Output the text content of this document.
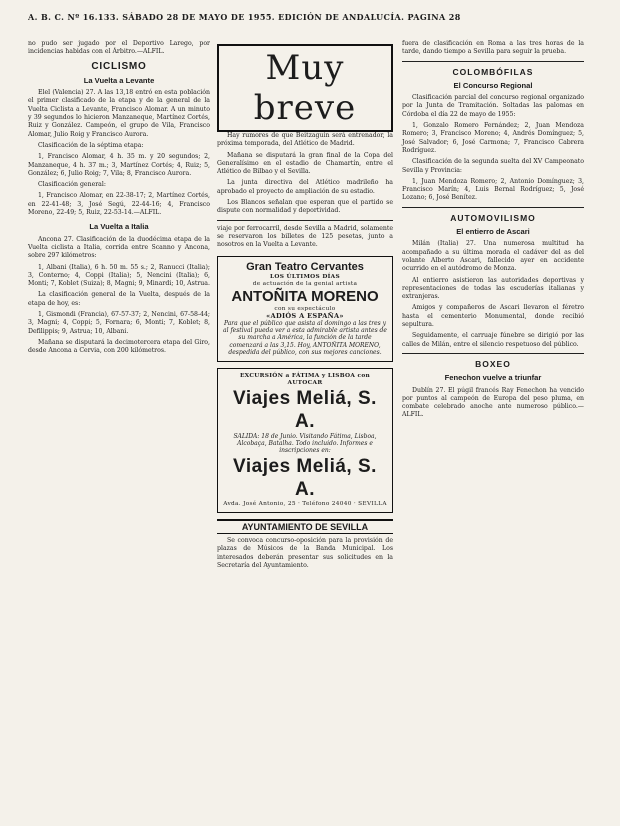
A. B. C. Nº 16.133. SÁBADO 28 DE MAYO DE 1955. EDICIÓN DE ANDALUCÍA. PAGINA 28

no pudo ser jugado por el Deportivo Larego, por incidencias habidas con el Árbitro.—ALFIL.

CICLISMO
La Vuelta a Levante

Elel (Valencia) 27. A las 13,18 entró en esta población el primer clasificado de la etapa y de la general de la Vuelta Ciclista a Levante, Francisco Alomar. A un minuto y 39 segundos lo hicieron Manzaneque, Martínez Cortés, Ruiz y González. Campeón, el grupo de Vila, Francisco Alomar, Julio Roig y Francisco Aurora.

Clasificación de la séptima etapa:

1, Francisco Alomar, 4 h. 35 m. y 20 segundos; 2, Manzaneque, 4 h. 37 m.; 3, Martínez Cortés; 4, Ruiz; 5, González; 6, Julio Roig; 7, Vila; 8, Francisco Aurora.

Clasificación general:

1, Francisco Alomar, en 22-38-17; 2, Martínez Cortés, en 22-41-48; 3, José Segú, 22-44-16; 4, Francisco Moreno, 22-49; 5, Ruiz, 22-53-14.—ALFIL.

La Vuelta a Italia

Ancona 27. Clasificación de la duodécima etapa de la Vuelta ciclista a Italia, corrida entre Scanno y Ancona, sobre 297 kilómetros:

1, Albani (Italia), 6 h. 50 m. 55 s.; 2, Ranucci (Italia); 3, Conterno; 4, Coppi (Italia); 5, Nencini (Italia); 6, Monti; 7, Koblet (Suiza); 8, Magni; 9, Minardi; 10, Astrua.

La clasificación general de la Vuelta, después de la etapa de hoy, es:

1, Gismondi (Francia), 67-57-37; 2, Nencini, 67-58-44; 3, Magni; 4, Coppi; 5, Fornara; 6, Monti; 7, Koblet; 8, Defilippis; 9, Astrua; 10, Albani.

Mañana se disputará la decimotercera etapa del Giro, desde Ancona a Cervia, con 200 kilómetros.

Muy breve

Hay rumores de que Beitzaguin será entrenador, la próxima temporada, del Atlético de Madrid.

Mañana se disputará la gran final de la Copa del Generalísimo en el estadio de Chamartín, entre el Atlético de Bilbao y el Sevilla.

La junta directiva del Atlético madrileño ha aprobado el proyecto de ampliación de su estadio.

Los Blancos señalan que esperan que el partido se dispute con normalidad y deportividad.

viaje por ferrocarril, desde Sevilla a Madrid, solamente se reservaron los billetes de 125 pesetas, junto a nosotros en la Vuelta a Levante.

Gran Teatro Cervantes
LOS ÚLTIMOS DÍAS
de actuación de la genial artista
ANTOÑITA MORENO
con su espectáculo
«ADIÓS A ESPAÑA»
Para que el público que asista al domingo a las tres y al festival pueda ver a esta admirable artista antes de su marcha a América, la función de la tarde comenzará a las 3,15. Hoy, ANTOÑITA MORENO, despedida del público, con sus mejores canciones.
EXCURSIÓN a FÁTIMA y LISBOA con AUTOCAR
Viajes Meliá, S. A.
SALIDA: 18 de Junio. Visitando Fátima, Lisboa, Alcobaça, Batalha. Todo incluido. Informes e inscripciones en:
Viajes Meliá, S. A.
Avda. José Antonio, 25 · Teléfono 24040 · SEVILLA
AYUNTAMIENTO DE SEVILLA

Se convoca concurso-oposición para la provisión de plazas de Músicos de la Banda Municipal. Los interesados deberán presentar sus solicitudes en la Secretaría del Ayuntamiento.

fuera de clasificación en Roma a las tres horas de la tarde, dando tiempo a Sevilla para seguir la prueba.

COLOMBÓFILAS
El Concurso Regional

Clasificación parcial del concurso regional organizado por la Junta de Tramitación. Soltadas las palomas en Córdoba el día 22 de mayo de 1955:

1, Gonzalo Romero Fernández; 2, Juan Mendoza Romero; 3, Francisco Moreno; 4, Andrés Domínguez; 5, José Salvador; 6, José Carmona; 7, Francisco Cabrera Rodríguez.

Clasificación de la segunda suelta del XV Campeonato Sevilla y Provincia:

1, Juan Mendoza Romero; 2, Antonio Domínguez; 3, Francisco Marín; 4, Luis Bernal Rodríguez; 5, José Lozano; 6, José Benítez.

AUTOMOVILISMO
El entierro de Ascari

Milán (Italia) 27. Una numerosa multitud ha acompañado a su última morada el cadáver del as del volante Alberto Ascari, fallecido ayer en accidente ocurrido en el autódromo de Monza.

Al entierro asistieron las autoridades deportivas y representaciones de todas las escuderías italianas y extranjeras.

Amigos y compañeros de Ascari llevaron el féretro hasta el cementerio Monumental, donde recibió sepultura.

Seguidamente, el carruaje fúnebre se dirigió por las calles de Milán, entre el silencio respetuoso del público.

BOXEO
Fenechon vuelve a triunfar

Dublín 27. El púgil francés Ray Fenechon ha vencido por puntos al campeón de Europa del peso pluma, en combate celebrado anoche ante numeroso público.—ALFIL.
